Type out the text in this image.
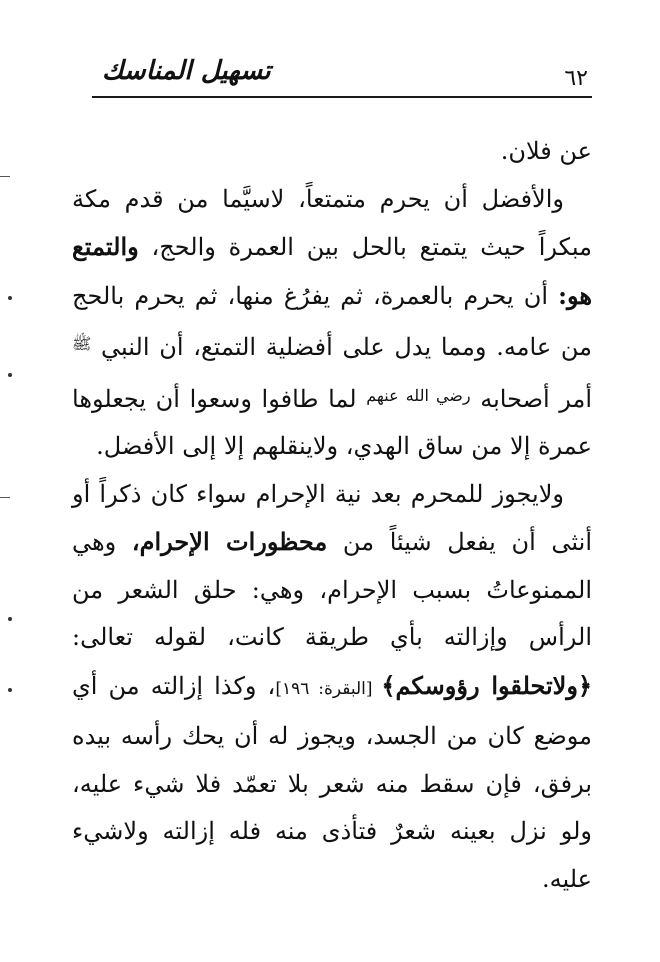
٦٢
تسهيل المناسك

عن فلان.

والأفضل أن يحرم متمتعاً، لاسيَّما من قدم مكة مبكراً حيث يتمتع بالحل بين العمرة والحج، والتمتع هو: أن يحرم بالعمرة، ثم يفرُغ منها، ثم يحرم بالحج من عامه. ومما يدل على أفضلية التمتع، أن النبي $^ﷺ$ أمر أصحابه $^{رضي الله عنهم}$ لما طافوا وسعوا أن يجعلوها عمرة إلا من ساق الهدي، ولاينقلهم إلا إلى الأفضل.

ولايجوز للمحرم بعد نية الإحرام سواء كان ذكراً أو أنثى أن يفعل شيئاً من محظورات الإحرام، وهي الممنوعاتُ بسبب الإحرام، وهي: حلق الشعر من الرأس وإزالته بأي طريقة كانت، لقوله تعالى: ﴿ولاتحلقوا رؤوسكم﴾ [البقرة: ١٩٦]، وكذا إزالته من أي موضع كان من الجسد، ويجوز له أن يحك رأسه بيده برفق، فإن سقط منه شعر بلا تعمّد فلا شيء عليه، ولو نزل بعينه شعرٌ فتأذى منه فله إزالته ولاشيء عليه.
